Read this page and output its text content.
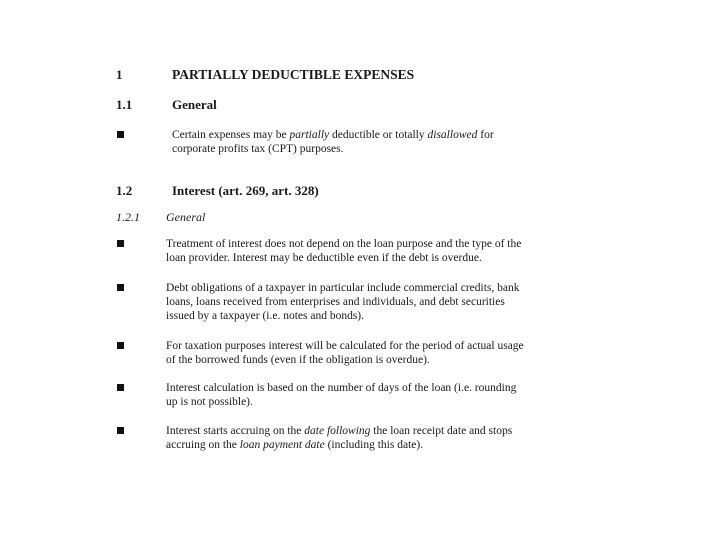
1	PARTIALLY DEDUCTIBLE EXPENSES
1.1	General
Certain expenses may be partially deductible or totally disallowed for
corporate profits tax (CPT) purposes.
1.2	Interest (art. 269, art. 328)
1.2.1 General
Treatment of interest does not depend on the loan purpose and the type of the
loan provider. Interest may be deductible even if the debt is overdue.
Debt obligations of a taxpayer in particular include commercial credits, bank
loans, loans received from enterprises and individuals, and debt securities
issued by a taxpayer (i.e. notes and bonds).
For taxation purposes interest will be calculated for the period of actual usage
of the borrowed funds (even if the obligation is overdue).
Interest calculation is based on the number of days of the loan (i.e. rounding
up is not possible).
Interest starts accruing on the date following the loan receipt date and stops
accruing on the loan payment date (including this date).
